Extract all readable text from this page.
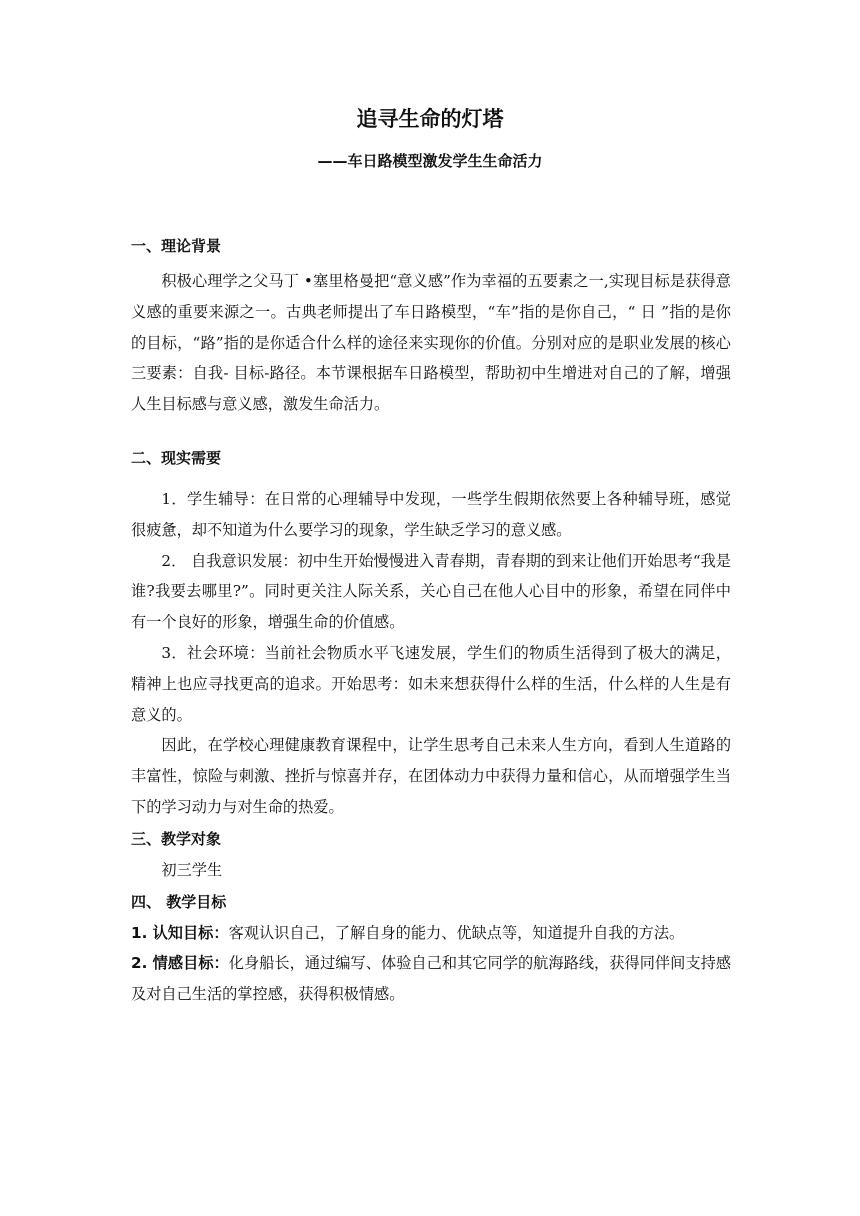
追寻生命的灯塔
——车日路模型激发学生生命活力

一、理论背景

积极心理学之父马丁 •塞里格曼把“意义感”作为幸福的五要素之一,实现目标是获得意义感的重要来源之一。古典老师提出了车日路模型，“车”指的是你自己，“ 日 ”指的是你的目标，“路”指的是你适合什么样的途径来实现你的价值。分别对应的是职业发展的核心三要素：自我- 目标-路径。本节课根据车日路模型，帮助初中生增进对自己的了解，增强人生目标感与意义感，激发生命活力。

二、现实需要

1．学生辅导：在日常的心理辅导中发现，一些学生假期依然要上各种辅导班，感觉很疲惫，却不知道为什么要学习的现象，学生缺乏学习的意义感。

2． 自我意识发展：初中生开始慢慢进入青春期，青春期的到来让他们开始思考“我是谁?我要去哪里?”。同时更关注人际关系，关心自己在他人心目中的形象，希望在同伴中有一个良好的形象，增强生命的价值感。

3．社会环境：当前社会物质水平飞速发展，学生们的物质生活得到了极大的满足，精神上也应寻找更高的追求。开始思考：如未来想获得什么样的生活，什么样的人生是有意义的。

因此，在学校心理健康教育课程中，让学生思考自己未来人生方向，看到人生道路的丰富性，惊险与刺激、挫折与惊喜并存，在团体动力中获得力量和信心，从而增强学生当下的学习动力与对生命的热爱。

三、教学对象

初三学生

四、 教学目标

1. 认知目标：客观认识自己，了解自身的能力、优缺点等，知道提升自我的方法。

2. 情感目标：化身船长，通过编写、体验自己和其它同学的航海路线，获得同伴间支持感及对自己生活的掌控感，获得积极情感。
